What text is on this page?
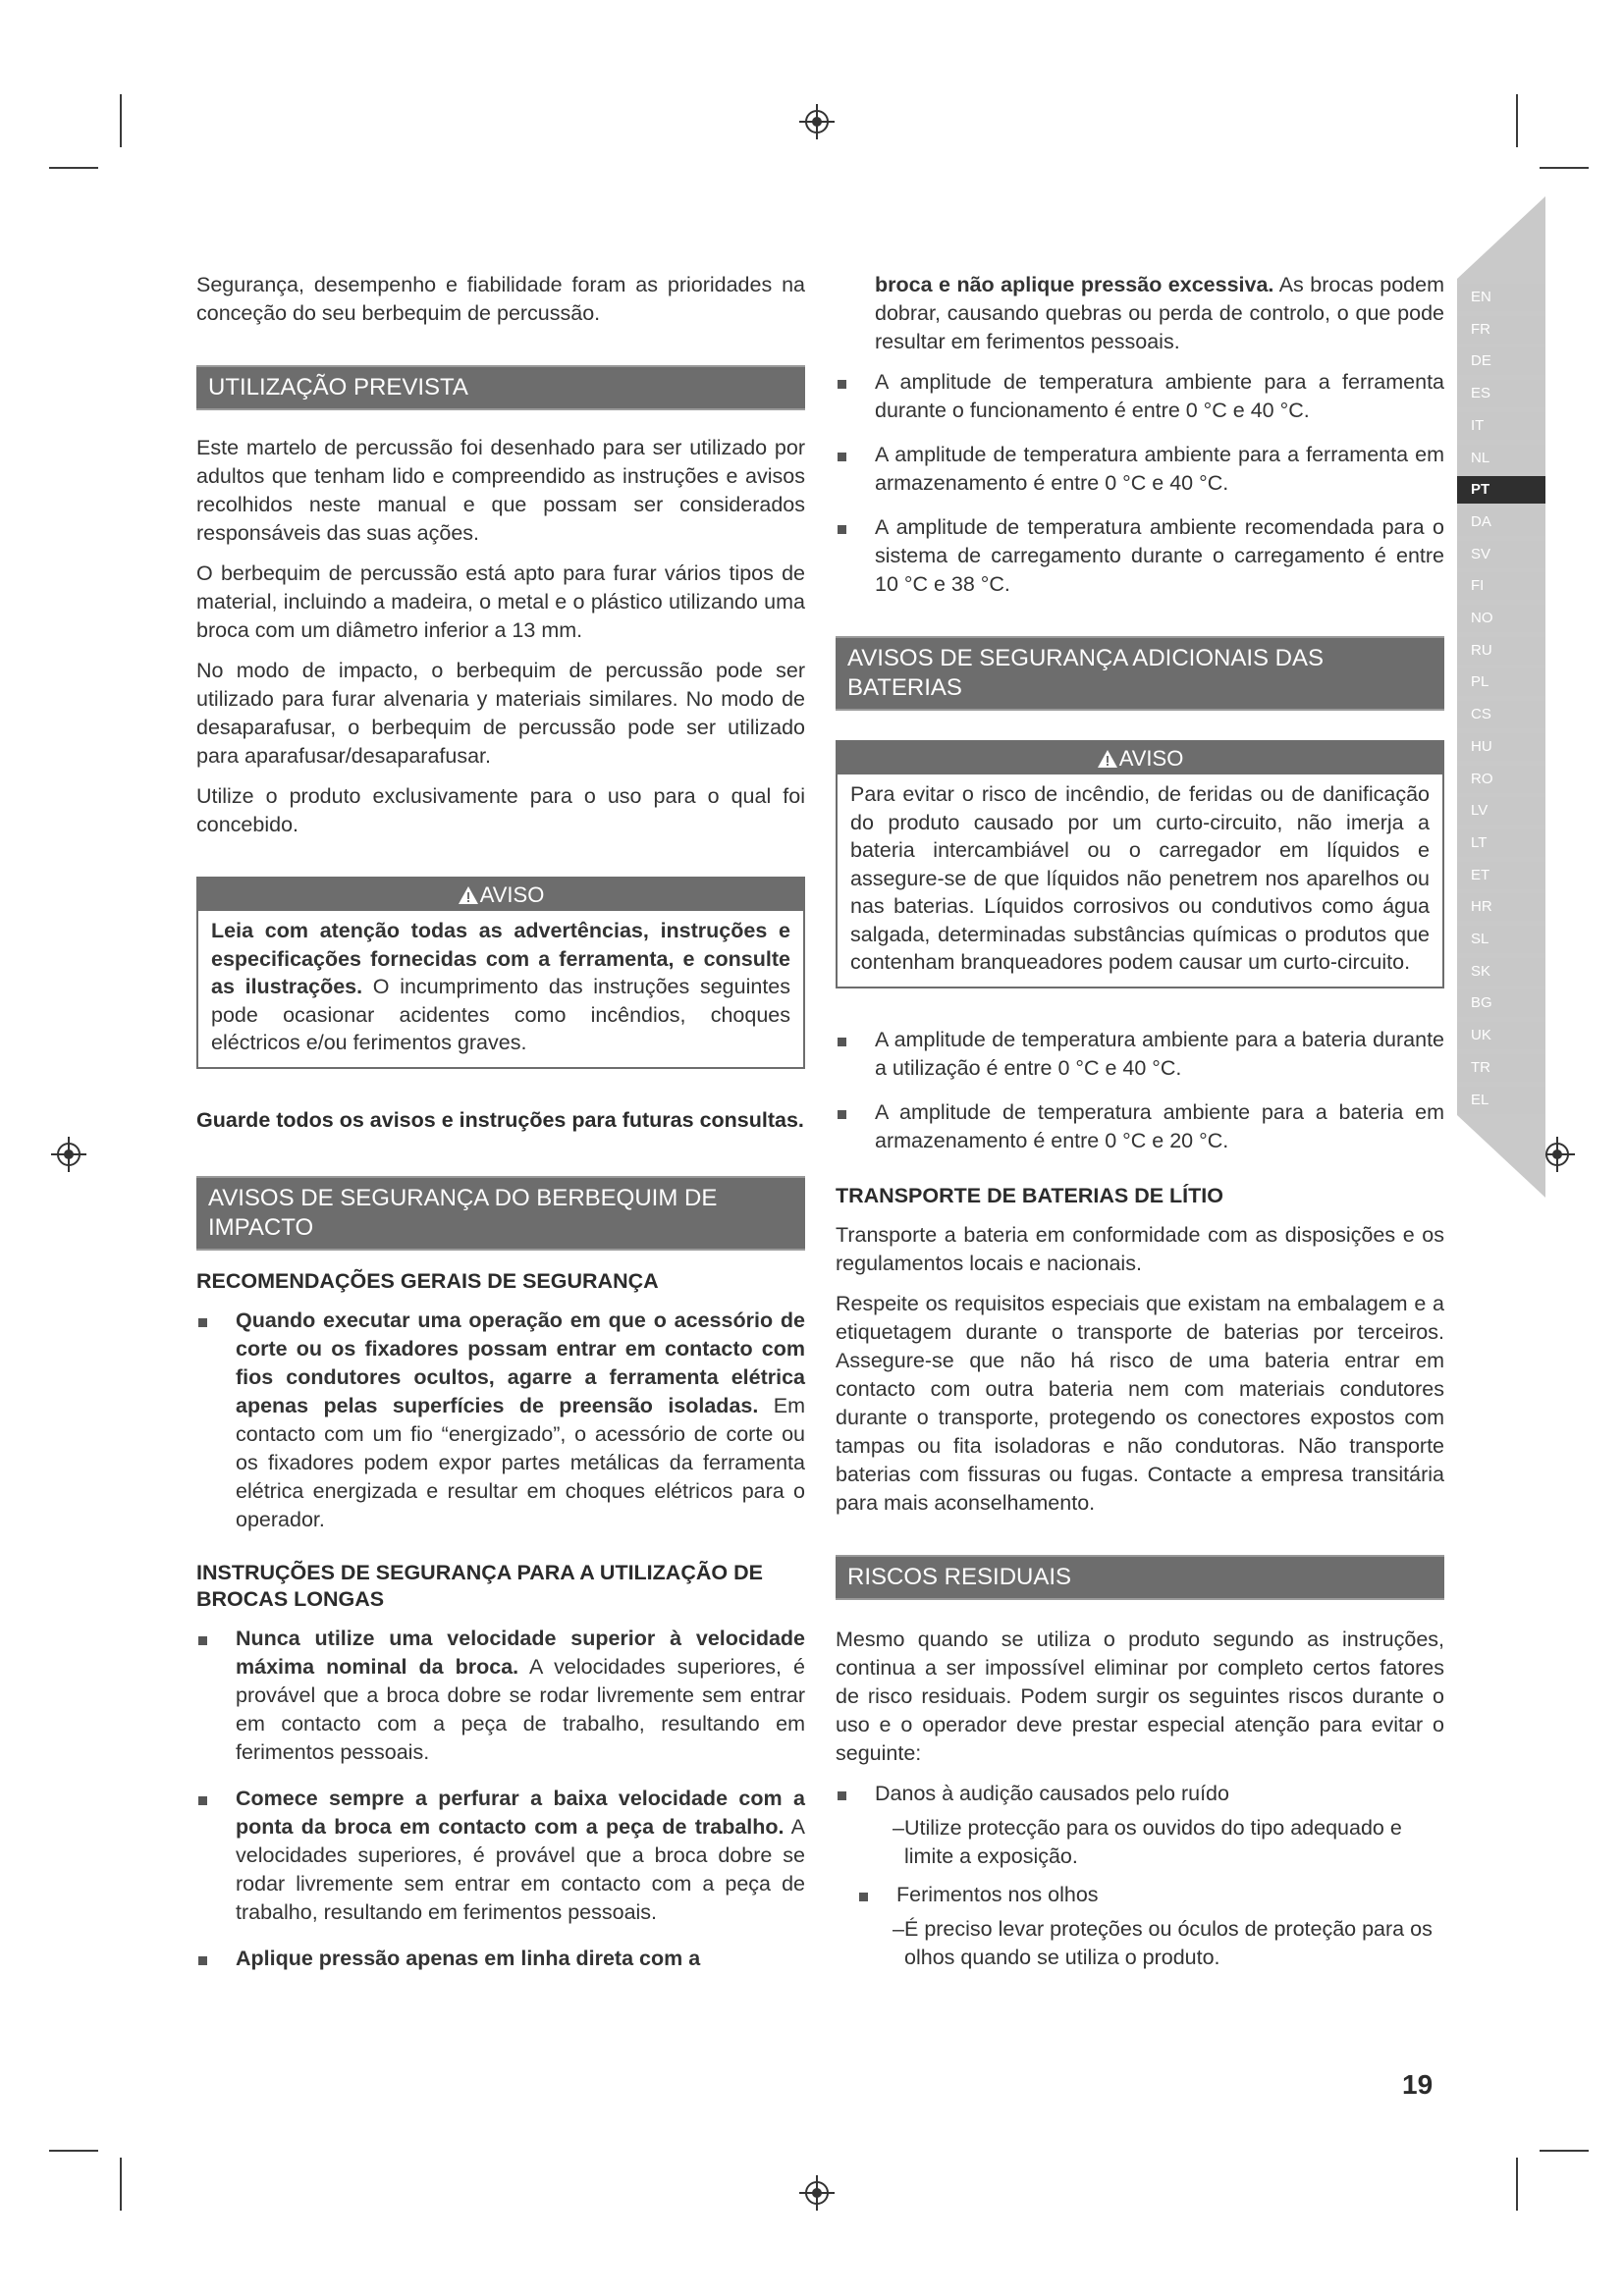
EN
FR
DE
ES
IT
NL
PT
DA
SV
FI
NO
RU
PL
CS
HU
RO
LV
LT
ET
HR
SL
SK
BG
UK
TR
EL

Segurança, desempenho e fiabilidade foram as prioridades na conceção do seu berbequim de percussão.

UTILIZAÇÃO PREVISTA

Este martelo de percussão foi desenhado para ser utilizado por adultos que tenham lido e compreendido as instruções e avisos recolhidos neste manual e que possam ser considerados responsáveis das suas ações.

O berbequim de percussão está apto para furar vários tipos de material, incluindo a madeira, o metal e o plástico utilizando uma broca com um diâmetro inferior a 13 mm.

No modo de impacto, o berbequim de percussão pode ser utilizado para furar alvenaria y materiais similares. No modo de desaparafusar, o berbequim de percussão pode ser utilizado para aparafusar/desaparafusar.

Utilize o produto exclusivamente para o uso para o qual foi concebido.

AVISO
Leia com atenção todas as advertências, instruções e especificações fornecidas com a ferramenta, e consulte as ilustrações. O incumprimento das instruções seguintes pode ocasionar acidentes como incêndios, choques eléctricos e/ou ferimentos graves.

Guarde todos os avisos e instruções para futuras consultas.

AVISOS DE SEGURANÇA DO BERBEQUIM DE IMPACTO

RECOMENDAÇÕES GERAIS DE SEGURANÇA

Quando executar uma operação em que o acessório de corte ou os fixadores possam entrar em contacto com fios condutores ocultos, agarre a ferramenta elétrica apenas pelas superfícies de preensão isoladas. Em contacto com um fio “energizado”, o acessório de corte ou os fixadores podem expor partes metálicas da ferramenta elétrica energizada e resultar em choques elétricos para o operador.

INSTRUÇÕES DE SEGURANÇA PARA A UTILIZAÇÃO DE BROCAS LONGAS

Nunca utilize uma velocidade superior à velocidade máxima nominal da broca. A velocidades superiores, é provável que a broca dobre se rodar livremente sem entrar em contacto com a peça de trabalho, resultando em ferimentos pessoais.
Comece sempre a perfurar a baixa velocidade com a ponta da broca em contacto com a peça de trabalho. A velocidades superiores, é provável que a broca dobre se rodar livremente sem entrar em contacto com a peça de trabalho, resultando em ferimentos pessoais.
Aplique pressão apenas em linha direta com a

broca e não aplique pressão excessiva. As brocas podem dobrar, causando quebras ou perda de controlo, o que pode resultar em ferimentos pessoais.

A amplitude de temperatura ambiente para a ferramenta durante o funcionamento é entre 0 °C e 40 °C.
A amplitude de temperatura ambiente para a ferramenta em armazenamento é entre 0 °C e 40 °C.
A amplitude de temperatura ambiente recomendada para o sistema de carregamento durante o carregamento é entre 10 °C e 38 °C.
AVISOS DE SEGURANÇA ADICIONAIS DAS BATERIAS
AVISO
Para evitar o risco de incêndio, de feridas ou de danificação do produto causado por um curto-circuito, não imerja a bateria intercambiável ou o carregador em líquidos e assegure-se de que líquidos não penetrem nos aparelhos ou nas baterias. Líquidos corrosivos ou condutivos como água salgada, determinadas substâncias químicas o produtos que contenham branqueadores podem causar um curto-circuito.
A amplitude de temperatura ambiente para a bateria durante a utilização é entre 0 °C e 40 °C.
A amplitude de temperatura ambiente para a bateria em armazenamento é entre 0 °C e 20 °C.

TRANSPORTE DE BATERIAS DE LÍTIO

Transporte a bateria em conformidade com as disposições e os regulamentos locais e nacionais.

Respeite os requisitos especiais que existam na embalagem e a etiquetagem durante o transporte de baterias por terceiros. Assegure-se que não há risco de uma bateria entrar em contacto com outra bateria nem com materiais condutores durante o transporte, protegendo os conectores expostos com tampas ou fita isoladoras e não condutoras. Não transporte baterias com fissuras ou fugas. Contacte a empresa transitária para mais aconselhamento.

RISCOS RESIDUAIS

Mesmo quando se utiliza o produto segundo as instruções, continua a ser impossível eliminar por completo certos fatores de risco residuais. Podem surgir os seguintes riscos durante o uso e o operador deve prestar especial atenção para evitar o seguinte:

Danos à audição causados pelo ruído
– Utilize protecção para os ouvidos do tipo adequado e limite a exposição.
Ferimentos nos olhos
– É preciso levar proteções ou óculos de proteção para os olhos quando se utiliza o produto.
19
